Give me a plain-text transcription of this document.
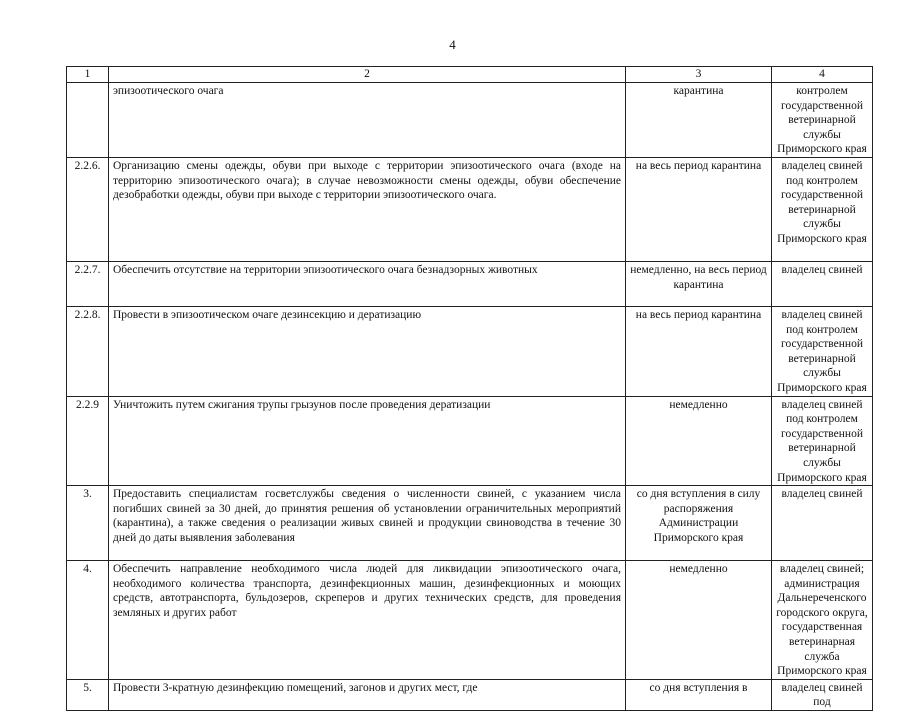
4
1	2	3	4
	эпизоотического очага	карантина	контролем государственной ветеринарной службы Приморского края
2.2.6.	Организацию смены одежды, обуви при выходе с территории эпизоотического очага (входе на территорию эпизоотического очага); в случае невозможности смены одежды, обуви обеспечение дезобработки одежды, обуви при выходе с территории эпизоотического очага.	на весь период карантина	владелец свиней под контролем государственной ветеринарной службы Приморского края
2.2.7.	Обеспечить отсутствие на территории эпизоотического очага безнадзорных животных	немедленно, на весь период карантина	владелец свиней
2.2.8.	Провести в эпизоотическом очаге дезинсекцию и дератизацию	на весь период карантина	владелец свиней под контролем государственной ветеринарной службы Приморского края
2.2.9	Уничтожить путем сжигания трупы грызунов после проведения дератизации	немедленно	владелец свиней под контролем государственной ветеринарной службы Приморского края
3.	Предоставить специалистам госветслужбы сведения о численности свиней, с указанием числа погибших свиней за 30 дней, до принятия решения об установлении ограничительных мероприятий (карантина), а также сведения о реализации живых свиней и продукции свиноводства в течение 30 дней до даты выявления заболевания	со дня вступления в силу распоряжения Администрации Приморского края	владелец свиней
4.	Обеспечить направление необходимого числа людей для ликвидации эпизоотического очага, необходимого количества транспорта, дезинфекционных машин, дезинфекционных и моющих средств, автотранспорта, бульдозеров, скреперов и других технических средств, для проведения земляных и других работ	немедленно	владелец свиней; администрация Дальнереченского городского округа, государственная ветеринарная служба Приморского края
5.	Провести 3-кратную дезинфекцию помещений, загонов и других мест, где	со дня вступления в	владелец свиней под
